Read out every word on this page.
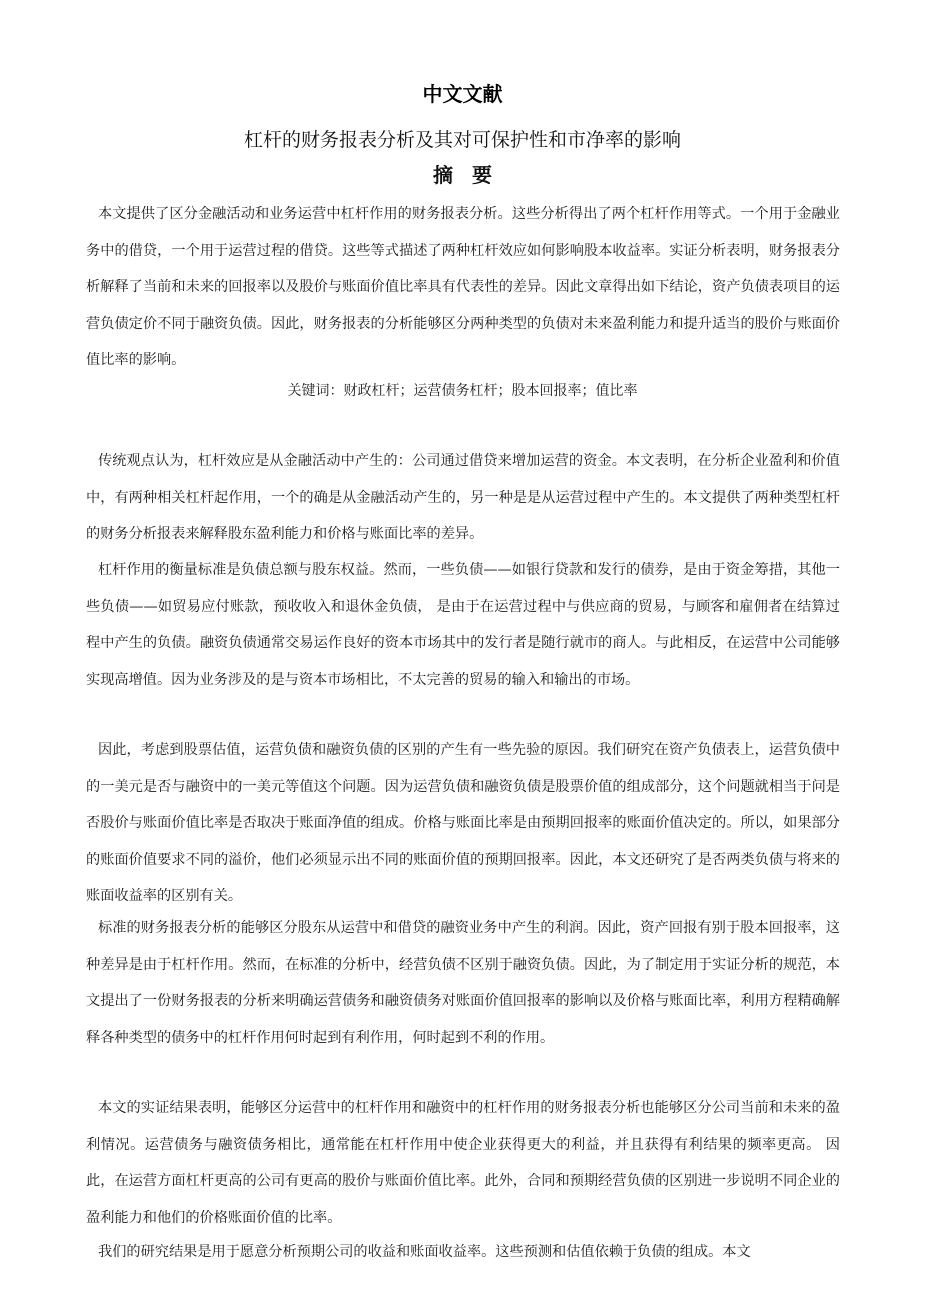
中文文献
杠杆的财务报表分析及其对可保护性和市净率的影响
摘 要

本文提供了区分金融活动和业务运营中杠杆作用的财务报表分析。这些分析得出了两个杠杆作用等式。一个用于金融业务中的借贷，一个用于运营过程的借贷。这些等式描述了两种杠杆效应如何影响股本收益率。实证分析表明，财务报表分析解释了当前和未来的回报率以及股价与账面价值比率具有代表性的差异。因此文章得出如下结论，资产负债表项目的运营负债定价不同于融资负债。因此，财务报表的分析能够区分两种类型的负债对未来盈利能力和提升适当的股价与账面价值比率的影响。

关键词：财政杠杆；运营债务杠杆；股本回报率；值比率

传统观点认为，杠杆效应是从金融活动中产生的：公司通过借贷来增加运营的资金。本文表明，在分析企业盈利和价值中，有两种相关杠杆起作用，一个的确是从金融活动产生的，另一种是是从运营过程中产生的。本文提供了两种类型杠杆的财务分析报表来解释股东盈利能力和价格与账面比率的差异。

杠杆作用的衡量标准是负债总额与股东权益。然而，一些负债——如银行贷款和发行的债券，是由于资金筹措，其他一些负债——如贸易应付账款，预收收入和退休金负债， 是由于在运营过程中与供应商的贸易，与顾客和雇佣者在结算过程中产生的负债。融资负债通常交易运作良好的资本市场其中的发行者是随行就市的商人。与此相反，在运营中公司能够实现高增值。因为业务涉及的是与资本市场相比，不太完善的贸易的输入和输出的市场。

因此，考虑到股票估值，运营负债和融资负债的区别的产生有一些先验的原因。我们研究在资产负债表上，运营负债中的一美元是否与融资中的一美元等值这个问题。因为运营负债和融资负债是股票价值的组成部分，这个问题就相当于问是否股价与账面价值比率是否取决于账面净值的组成。价格与账面比率是由预期回报率的账面价值决定的。所以，如果部分的账面价值要求不同的溢价，他们必须显示出不同的账面价值的预期回报率。因此，本文还研究了是否两类负债与将来的账面收益率的区别有关。

标准的财务报表分析的能够区分股东从运营中和借贷的融资业务中产生的利润。因此，资产回报有别于股本回报率，这种差异是由于杠杆作用。然而，在标准的分析中，经营负债不区别于融资负债。因此，为了制定用于实证分析的规范，本文提出了一份财务报表的分析来明确运营债务和融资债务对账面价值回报率的影响以及价格与账面比率，利用方程精确解释各种类型的债务中的杠杆作用何时起到有利作用，何时起到不利的作用。

本文的实证结果表明，能够区分运营中的杠杆作用和融资中的杠杆作用的财务报表分析也能够区分公司当前和未来的盈利情况。运营债务与融资债务相比，通常能在杠杆作用中使企业获得更大的利益，并且获得有利结果的频率更高。 因此，在运营方面杠杆更高的公司有更高的股价与账面价值比率。此外，合同和预期经营负债的区别进一步说明不同企业的盈利能力和他们的价格账面价值的比率。

我们的研究结果是用于愿意分析预期公司的收益和账面收益率。这些预测和估值依赖于负债的组成。本文
